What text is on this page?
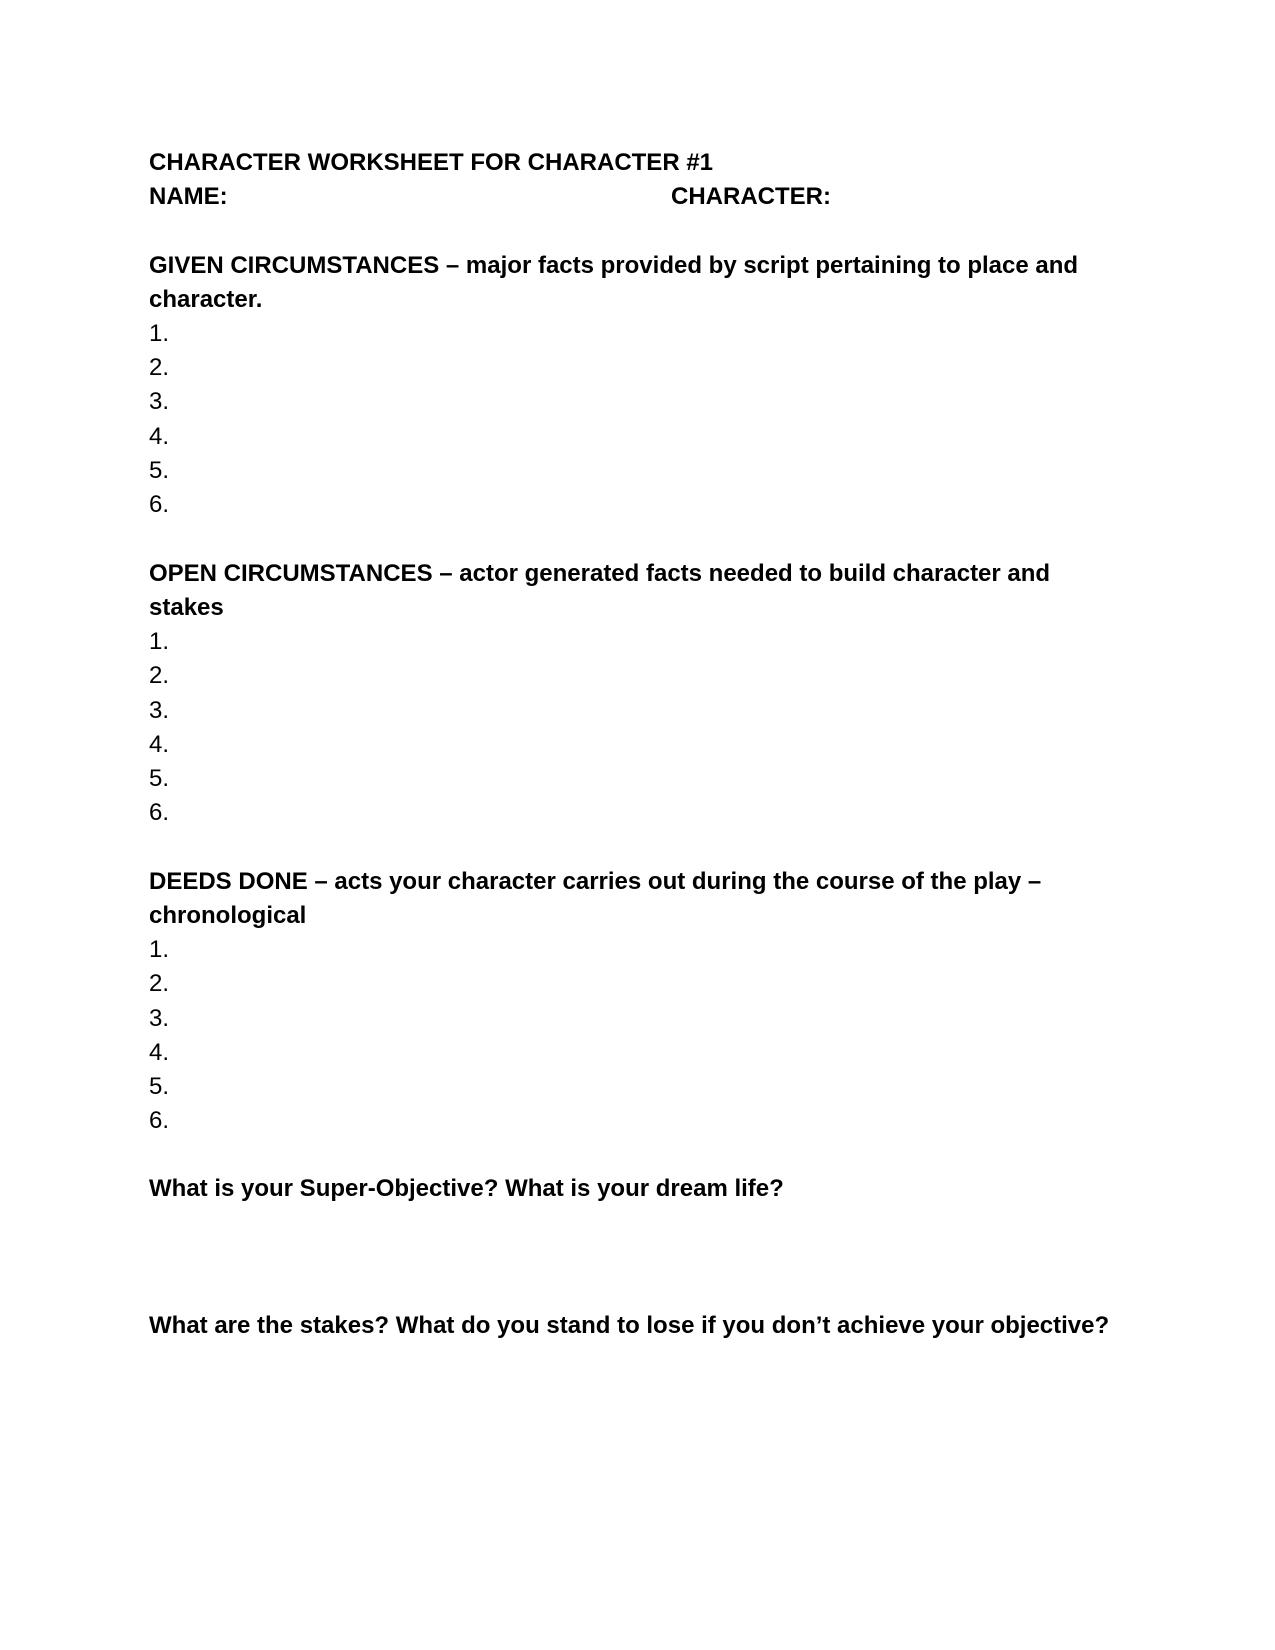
CHARACTER WORKSHEET FOR CHARACTER #1
NAME:	CHARACTER:
GIVEN CIRCUMSTANCES – major facts provided by script pertaining to place and character.
1.
2.
3.
4.
5.
6.
OPEN CIRCUMSTANCES – actor generated facts needed to build character and stakes
1.
2.
3.
4.
5.
6.
DEEDS DONE – acts your character carries out during the course of the play – chronological
1.
2.
3.
4.
5.
6.
What is your Super-Objective? What is your dream life?
What are the stakes? What do you stand to lose if you don’t achieve your objective?
